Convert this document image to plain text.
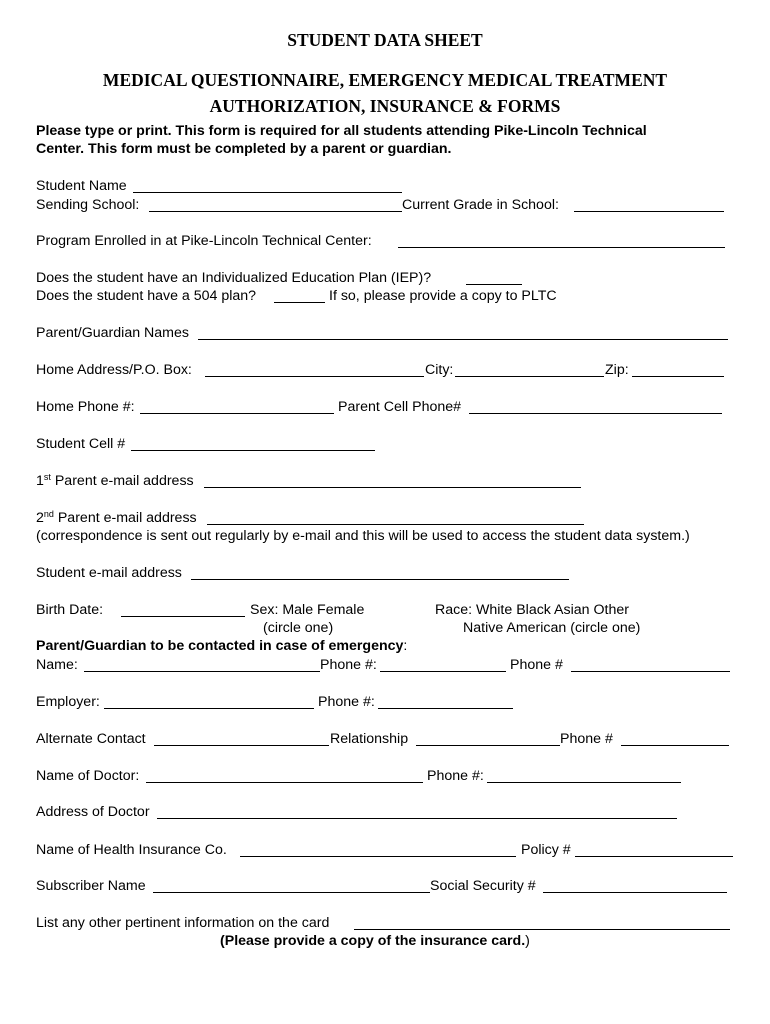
STUDENT DATA SHEET
MEDICAL QUESTIONNAIRE, EMERGENCY MEDICAL TREATMENT
AUTHORIZATION, INSURANCE & FORMS
Please type or print. This form is required for all students attending Pike-Lincoln Technical
Center. This form must be completed by a parent or guardian.
Student Name
Sending School:	Current Grade in School:
Program Enrolled in at Pike-Lincoln Technical Center:
Does the student have an Individualized Education Plan (IEP)?
Does the student have a 504 plan?	If so, please provide a copy to PLTC
Parent/Guardian Names
Home Address/P.O. Box:	City:	Zip:
Home Phone #:	Parent Cell Phone#
Student Cell #
1st Parent e-mail address
2nd Parent e-mail address
(correspondence is sent out regularly by e-mail and this will be used to access the student data system.)
Student e-mail address
Birth Date:	Sex: Male Female
(circle one)
Race: White Black Asian Other
Native American (circle one)
Parent/Guardian to be contacted in case of emergency:
Name:	Phone #:	Phone #
Employer:	Phone #:
Alternate Contact	Relationship	Phone #
Name of Doctor:	Phone #:
Address of Doctor
Name of Health Insurance Co.	Policy #
Subscriber Name	Social Security #
List any other pertinent information on the card
(Please provide a copy of the insurance card.)
